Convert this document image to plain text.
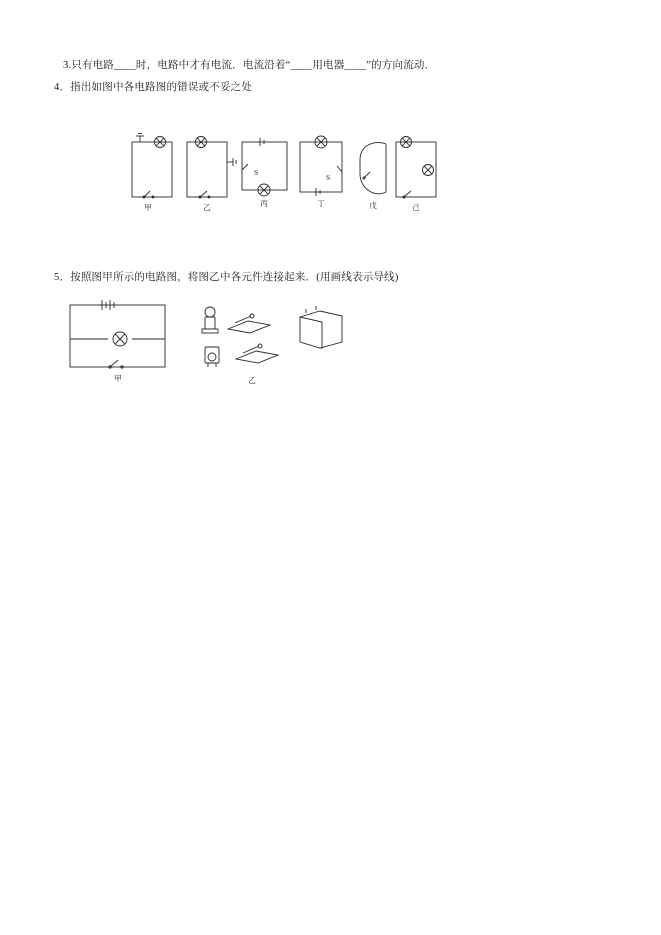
3.只有电路____时，电路中才有电流．电流沿着“____用电器____”的方向流动．
4．指出如图中各电路图的错误或不妥之处
5．按照图甲所示的电路图，将图乙中各元件连接起来．(用画线表示导线)
甲	乙
S
丙
S
丁	戊	己
甲	乙
